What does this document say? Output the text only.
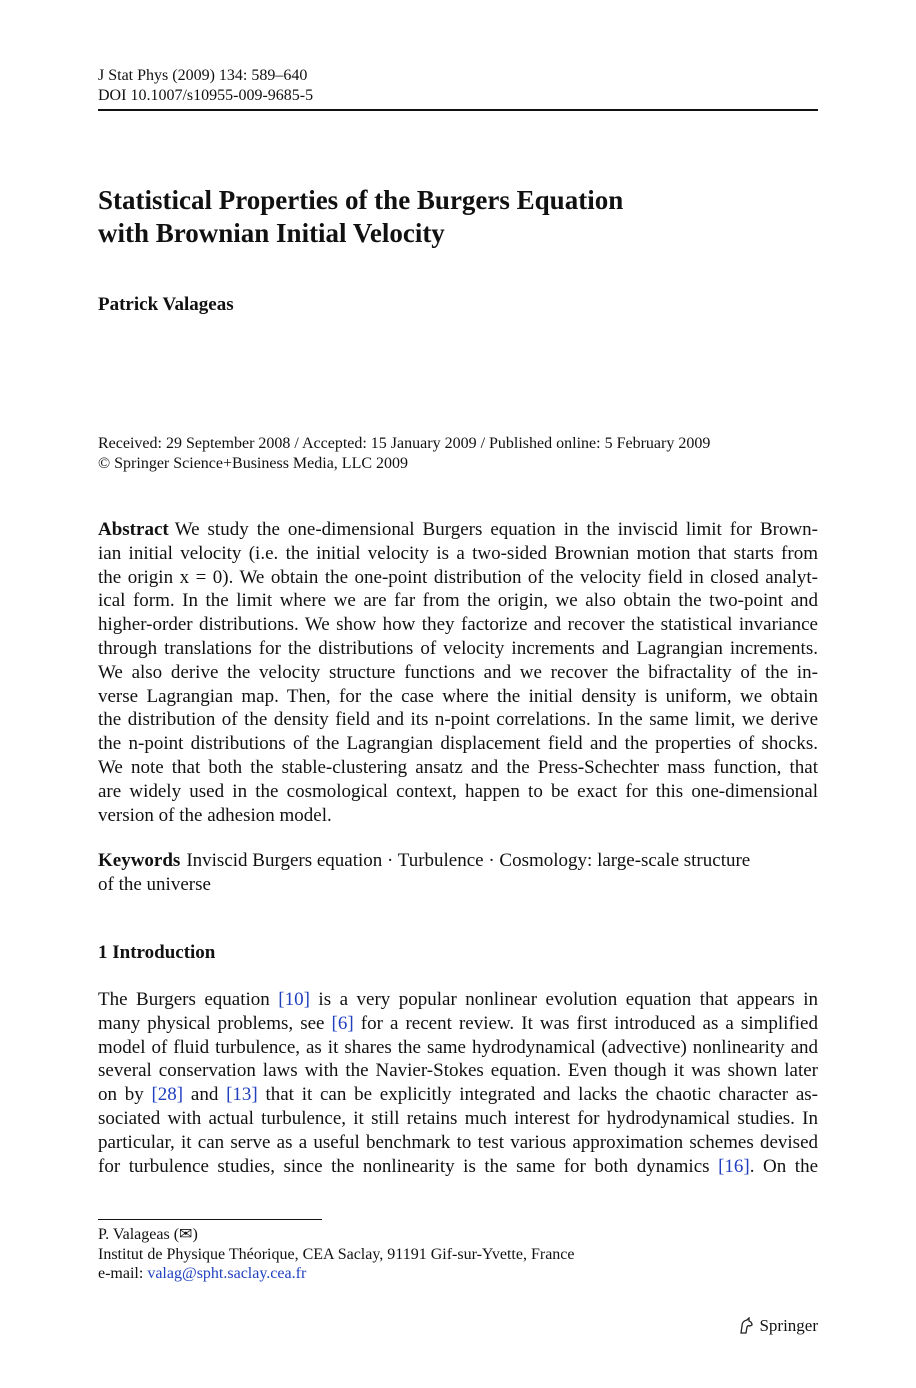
J Stat Phys (2009) 134: 589–640
DOI 10.1007/s10955-009-9685-5
Statistical Properties of the Burgers Equation
with Brownian Initial Velocity
Patrick Valageas
Received: 29 September 2008 / Accepted: 15 January 2009 / Published online: 5 February 2009
© Springer Science+Business Media, LLC 2009
Abstract We study the one-dimensional Burgers equation in the inviscid limit for Brown-
ian initial velocity (i.e. the initial velocity is a two-sided Brownian motion that starts from
the origin x = 0). We obtain the one-point distribution of the velocity field in closed analyt-
ical form. In the limit where we are far from the origin, we also obtain the two-point and
higher-order distributions. We show how they factorize and recover the statistical invariance
through translations for the distributions of velocity increments and Lagrangian increments.
We also derive the velocity structure functions and we recover the bifractality of the in-
verse Lagrangian map. Then, for the case where the initial density is uniform, we obtain
the distribution of the density field and its n-point correlations. In the same limit, we derive
the n-point distributions of the Lagrangian displacement field and the properties of shocks.
We note that both the stable-clustering ansatz and the Press-Schechter mass function, that
are widely used in the cosmological context, happen to be exact for this one-dimensional
version of the adhesion model.
Keywords Inviscid Burgers equation · Turbulence · Cosmology: large-scale structure
of the universe
1 Introduction
The Burgers equation [10] is a very popular nonlinear evolution equation that appears in
many physical problems, see [6] for a recent review. It was first introduced as a simplified
model of fluid turbulence, as it shares the same hydrodynamical (advective) nonlinearity and
several conservation laws with the Navier-Stokes equation. Even though it was shown later
on by [28] and [13] that it can be explicitly integrated and lacks the chaotic character as-
sociated with actual turbulence, it still retains much interest for hydrodynamical studies. In
particular, it can serve as a useful benchmark to test various approximation schemes devised
for turbulence studies, since the nonlinearity is the same for both dynamics [16]. On the
P. Valageas (✉)
Institut de Physique Théorique, CEA Saclay, 91191 Gif-sur-Yvette, France
e-mail: valag@spht.saclay.cea.fr
Springer
